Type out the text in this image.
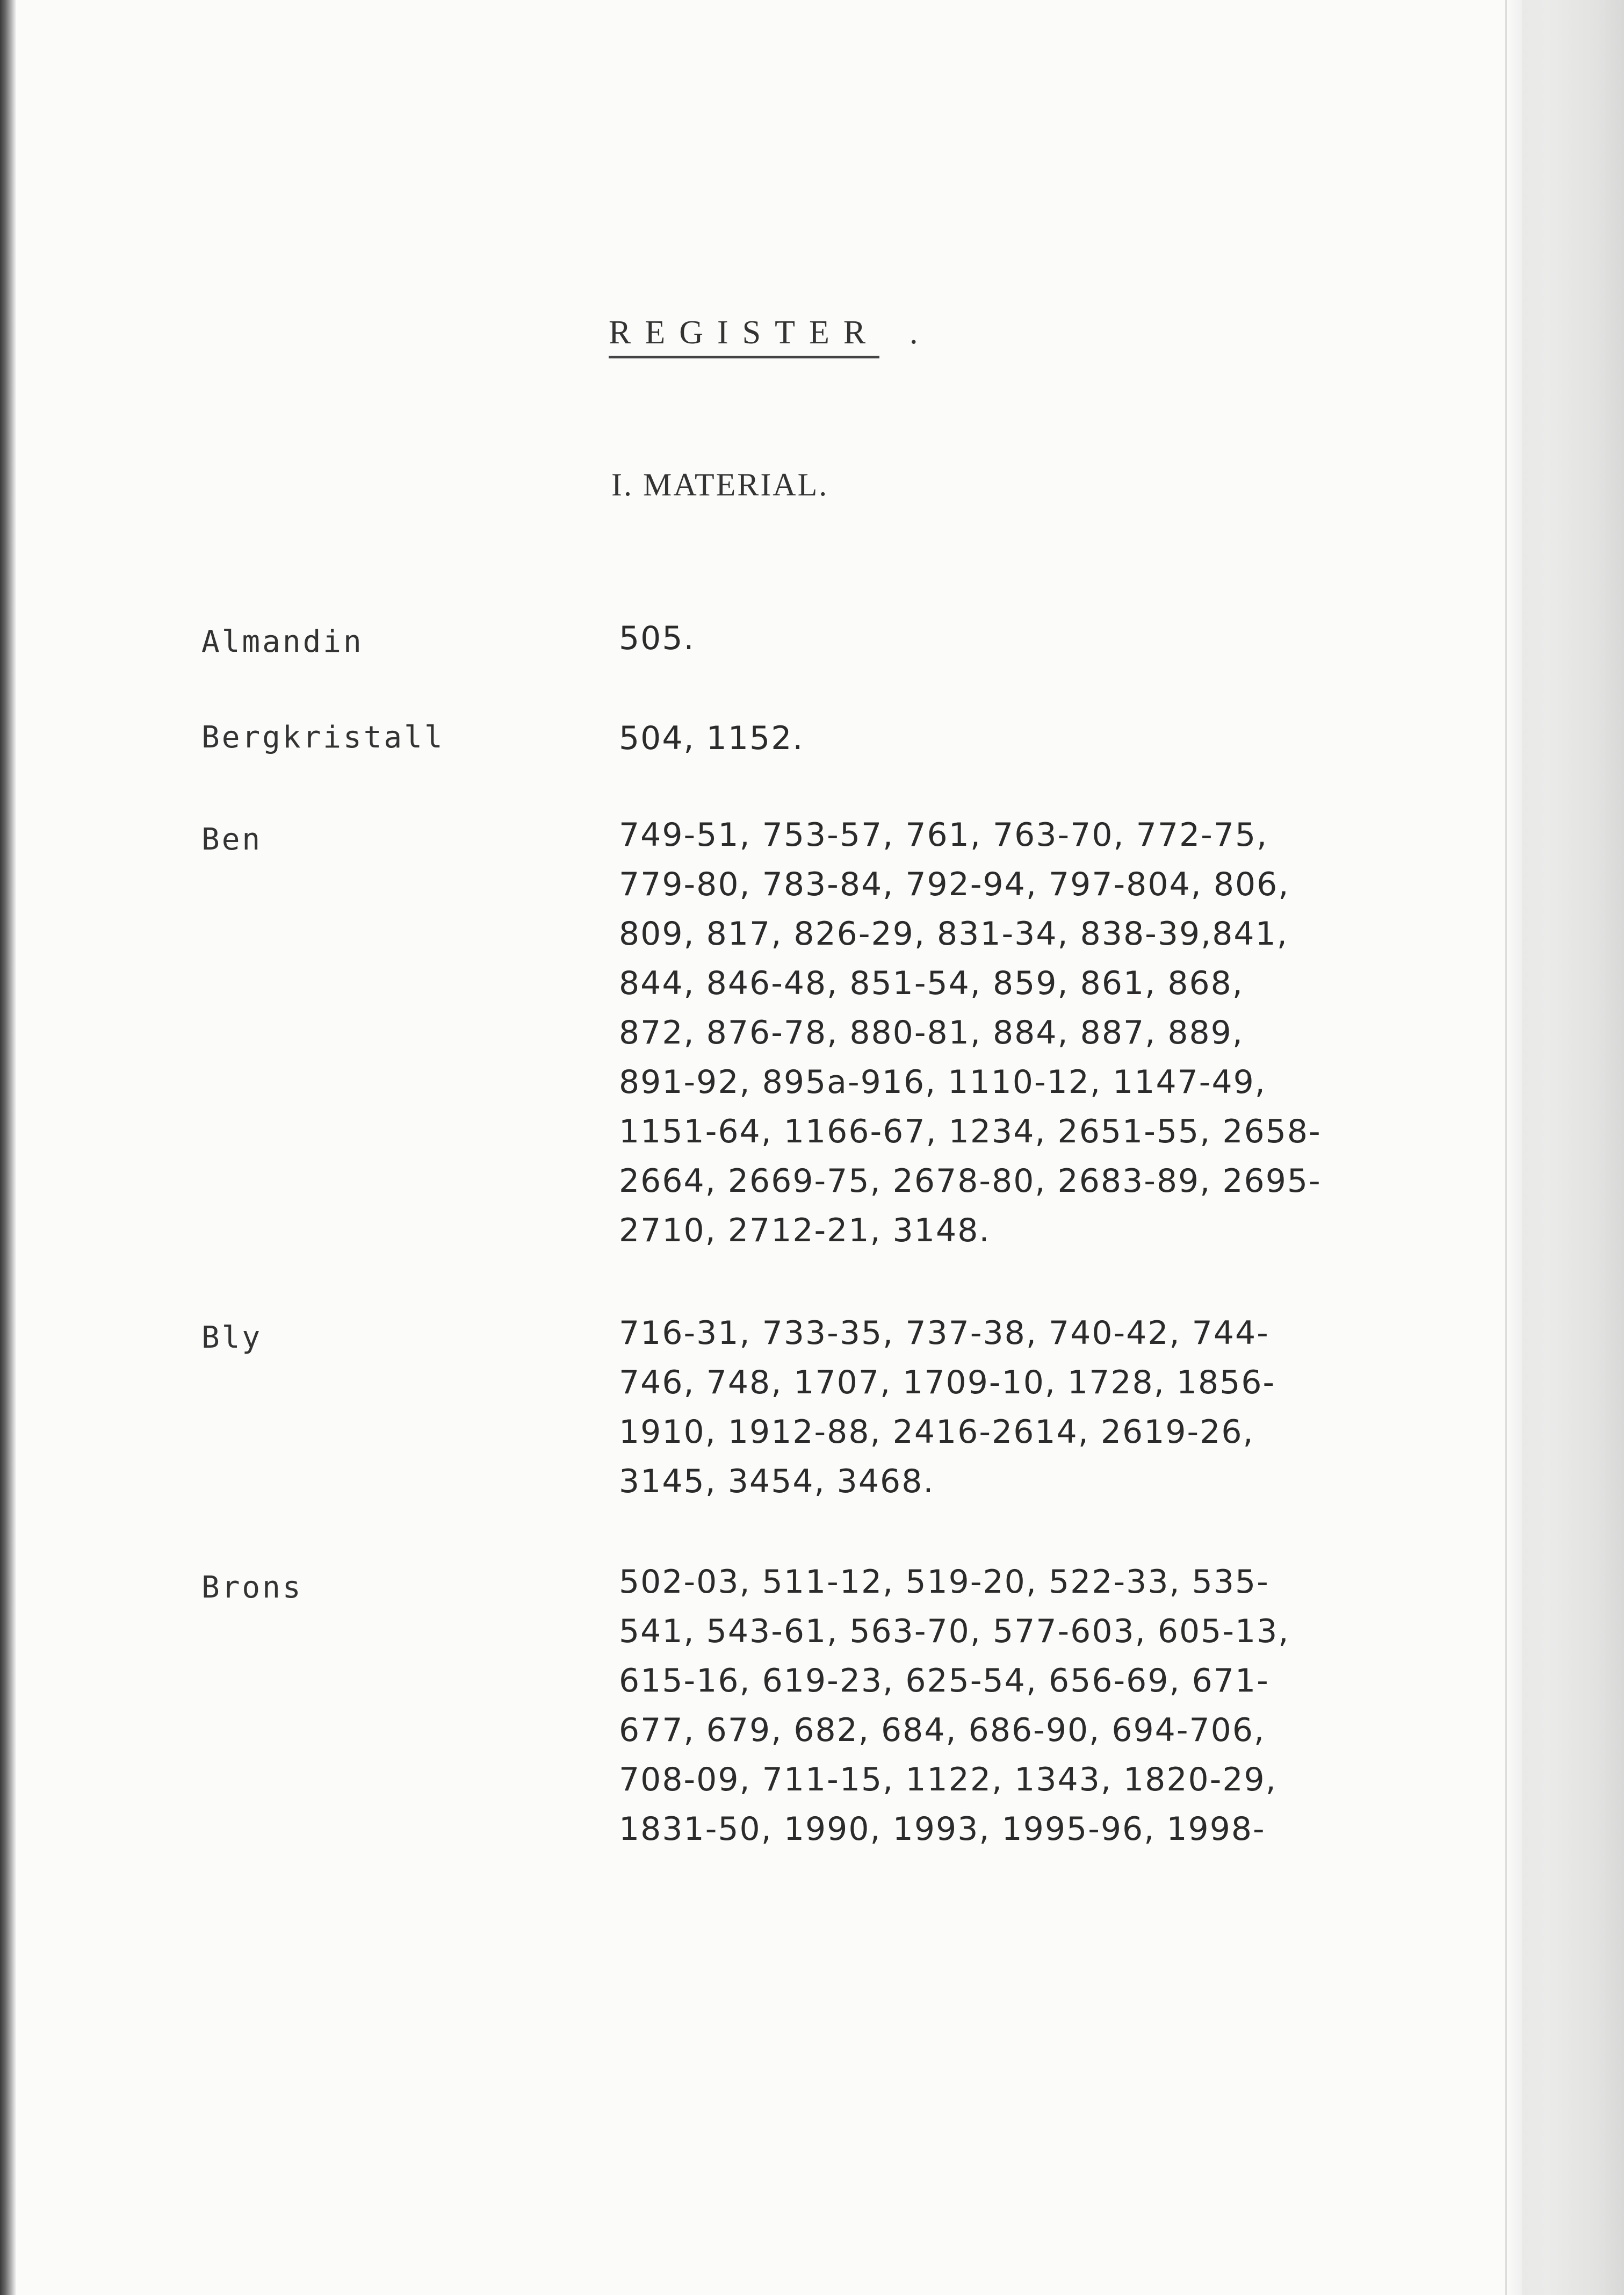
REGISTER .
I. MATERIAL.
Almandin	505.
Bergkristall	504, 1152.
Ben	749-51, 753-57, 761, 763-70, 772-75,
779-80, 783-84, 792-94, 797-804, 806,
809, 817, 826-29, 831-34, 838-39,841,
844, 846-48, 851-54, 859, 861, 868,
872, 876-78, 880-81, 884, 887, 889,
891-92, 895a-916, 1110-12, 1147-49,
1151-64, 1166-67, 1234, 2651-55, 2658-
2664, 2669-75, 2678-80, 2683-89, 2695-
2710, 2712-21, 3148.
Bly	716-31, 733-35, 737-38, 740-42, 744-
746, 748, 1707, 1709-10, 1728, 1856-
1910, 1912-88, 2416-2614, 2619-26,
3145, 3454, 3468.
Brons	502-03, 511-12, 519-20, 522-33, 535-
541, 543-61, 563-70, 577-603, 605-13,
615-16, 619-23, 625-54, 656-69, 671-
677, 679, 682, 684, 686-90, 694-706,
708-09, 711-15, 1122, 1343, 1820-29,
1831-50, 1990, 1993, 1995-96, 1998-
